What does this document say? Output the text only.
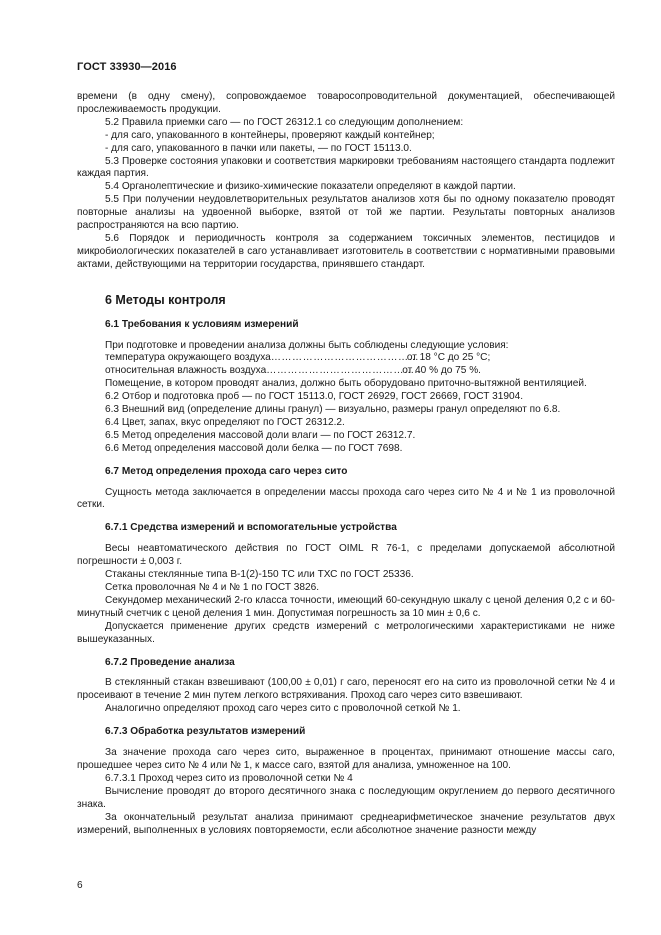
ГОСТ 33930—2016

времени (в одну смену), сопровождаемое товаросопроводительной документацией, обеспечивающей прослеживаемость продукции.

5.2 Правила приемки саго — по ГОСТ 26312.1 со следующим дополнением:

- для саго, упакованного в контейнеры, проверяют каждый контейнер;

- для саго, упакованного в пачки или пакеты, — по ГОСТ 15113.0.

5.3 Проверке состояния упаковки и соответствия маркировки требованиям настоящего стандарта подлежит каждая партия.

5.4 Органолептические и физико-химические показатели определяют в каждой партии.

5.5 При получении неудовлетворительных результатов анализов хотя бы по одному показателю проводят повторные анализы на удвоенной выборке, взятой от той же партии. Результаты повторных анализов распространяются на всю партию.

5.6 Порядок и периодичность контроля за содержанием токсичных элементов, пестицидов и микробиологических показателей в саго устанавливает изготовитель в соответствии с нормативными правовыми актами, действующими на территории государства, принявшего стандарт.

6 Методы контроля

6.1 Требования к условиям измерений

При подготовке и проведении анализа должны быть соблюдены следующие условия:

температура окружающего воздуха ……………………………………
от 18 °С до 25 °С;
относительная влажность воздуха ……………………………………..
от 40 % до 75 %.

Помещение, в котором проводят анализ, должно быть оборудовано приточно-вытяжной вентиляцией.

6.2 Отбор и подготовка проб — по ГОСТ 15113.0, ГОСТ 26929, ГОСТ 26669, ГОСТ 31904.

6.3 Внешний вид (определение длины гранул) — визуально, размеры гранул определяют по 6.8.

6.4 Цвет, запах, вкус определяют по ГОСТ 26312.2.

6.5 Метод определения массовой доли влаги — по ГОСТ 26312.7.

6.6 Метод определения массовой доли белка — по ГОСТ 7698.

6.7 Метод определения прохода саго через сито

Сущность метода заключается в определении массы прохода саго через сито № 4 и № 1 из проволочной сетки.

6.7.1 Средства измерений и вспомогательные устройства

Весы неавтоматического действия по ГОСТ OIML R 76-1, с пределами допускаемой абсолютной погрешности ± 0,003 г.

Стаканы стеклянные типа В-1(2)-150 ТС или ТХС по ГОСТ 25336.

Сетка проволочная № 4 и № 1 по ГОСТ 3826.

Секундомер механический 2-го класса точности, имеющий 60-секундную шкалу с ценой деления 0,2 с и 60-минутный счетчик с ценой деления 1 мин. Допустимая погрешность за 10 мин ± 0,6 с.

Допускается применение других средств измерений с метрологическими характеристиками не ниже вышеуказанных.

6.7.2 Проведение анализа

В стеклянный стакан взвешивают (100,00 ± 0,01) г саго, переносят его на сито из проволочной сетки № 4 и просеивают в течение 2 мин путем легкого встряхивания. Проход саго через сито взвешивают.

Аналогично определяют проход саго через сито с проволочной сеткой № 1.

6.7.3 Обработка результатов измерений

За значение прохода саго через сито, выраженное в процентах, принимают отношение массы саго, прошедшее через сито № 4 или № 1, к массе саго, взятой для анализа, умноженное на 100.

6.7.3.1 Проход через сито из проволочной сетки № 4

Вычисление проводят до второго десятичного знака с последующим округлением до первого десятичного знака.

За окончательный результат анализа принимают среднеарифметическое значение результатов двух измерений, выполненных в условиях повторяемости, если абсолютное значение разности между

6
